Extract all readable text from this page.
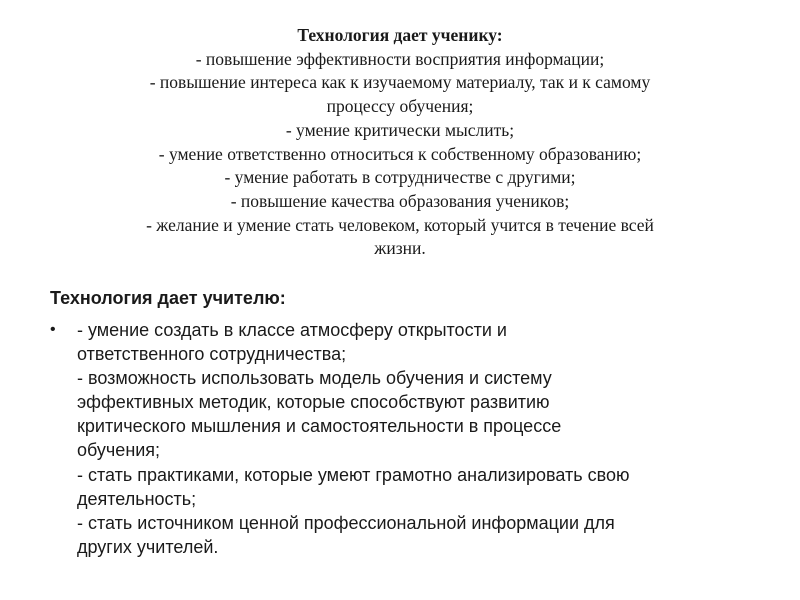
Технология дает ученику:
- повышение эффективности восприятия информации;
- повышение интереса как к изучаемому материалу, так и к самому
процессу обучения;
- умение критически мыслить;
- умение ответственно относиться к собственному образованию;
- умение работать в сотрудничестве с другими;
- повышение качества образования учеников;
- желание и умение стать человеком, который учится в течение всей
жизни.
Технология дает учителю:
• - умение создать в классе атмосферу открытости и
ответственного сотрудничества;
- возможность использовать модель обучения и систему
эффективных методик, которые способствуют развитию
критического мышления и самостоятельности в процессе
обучения;
- стать практиками, которые умеют грамотно анализировать свою
деятельность;
- стать источником ценной профессиональной информации для
других учителей.
